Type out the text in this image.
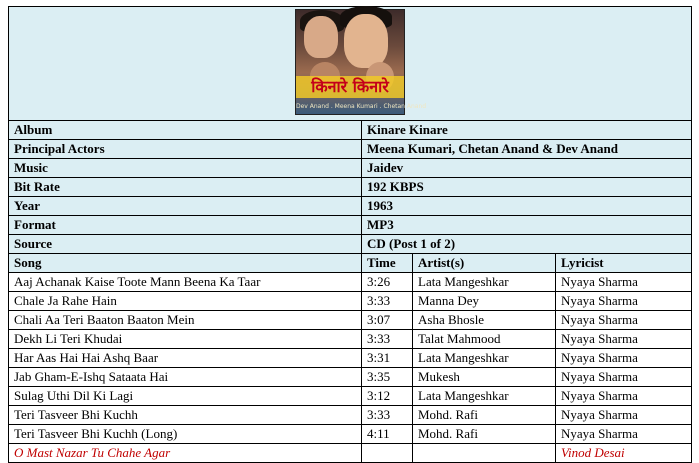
किनारे किनारे
Dev Anand . Meena Kumari . Chetan Anand			

Album	Kinare Kinare		
Principal Actors	Meena Kumari, Chetan Anand & Dev Anand		
Music	Jaidev		
Bit Rate	192 KBPS		
Year	1963		
Format	MP3		
Source	CD (Post 1 of 2)		
Song	Time	Artist(s)	Lyricist
Aaj Achanak Kaise Toote Mann Beena Ka Taar	3:26	Lata Mangeshkar	Nyaya Sharma
Chale Ja Rahe Hain	3:33	Manna Dey	Nyaya Sharma
Chali Aa Teri Baaton Baaton Mein	3:07	Asha Bhosle	Nyaya Sharma
Dekh Li Teri Khudai	3:33	Talat Mahmood	Nyaya Sharma
Har Aas Hai Hai Ashq Baar	3:31	Lata Mangeshkar	Nyaya Sharma
Jab Gham-E-Ishq Sataata Hai	3:35	Mukesh	Nyaya Sharma
Sulag Uthi Dil Ki Lagi	3:12	Lata Mangeshkar	Nyaya Sharma
Teri Tasveer Bhi Kuchh	3:33	Mohd. Rafi	Nyaya Sharma
Teri Tasveer Bhi Kuchh (Long)	4:11	Mohd. Rafi	Nyaya Sharma
O Mast Nazar Tu Chahe Agar			Vinod Desai
